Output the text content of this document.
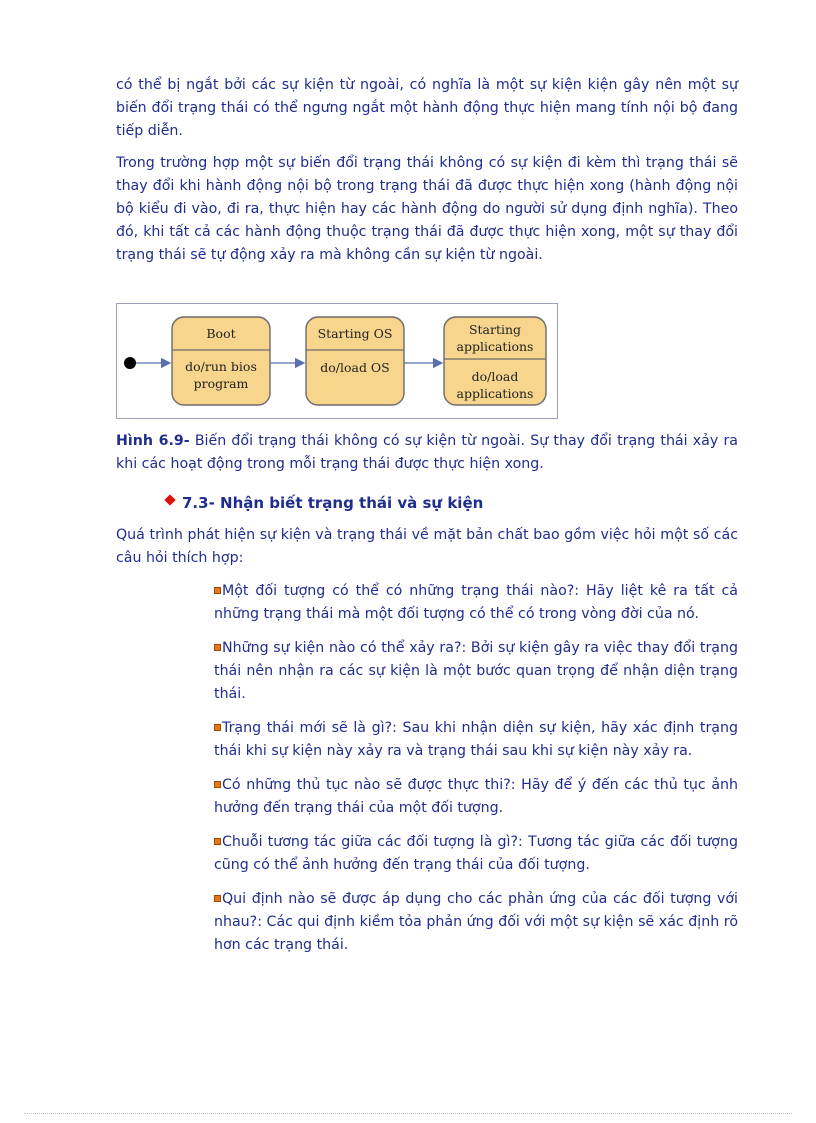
có thể bị ngắt bởi các sự kiện từ ngoài, có nghĩa là một sự kiện kiện gây nên một sự biến đổi trạng thái có thể ngưng ngắt một hành động thực hiện mang tính nội bộ đang tiếp diễn.

Trong trường hợp một sự biến đổi trạng thái không có sự kiện đi kèm thì trạng thái sẽ thay đổi khi hành động nội bộ trong trạng thái đã được thực hiện xong (hành động nội bộ kiểu đi vào, đi ra, thực hiện hay các hành động do người sử dụng định nghĩa). Theo đó, khi tất cả các hành động thuộc trạng thái đã được thực hiện xong, một sự thay đổi trạng thái sẽ tự động xảy ra mà không cần sự kiện từ ngoài.

Boot
do/run bios
program
Starting OS
do/load OS
Starting
applications
do/load
applications

Hình 6.9- Biến đổi trạng thái không có sự kiện từ ngoài. Sự thay đổi trạng thái xảy ra khi các hoạt động trong mỗi trạng thái được thực hiện xong.

7.3- Nhận biết trạng thái và sự kiện

Quá trình phát hiện sự kiện và trạng thái về mặt bản chất bao gồm việc hỏi một số các câu hỏi thích hợp:

Một đối tượng có thể có những trạng thái nào?: Hãy liệt kê ra tất cả những trạng thái mà một đối tượng có thể có trong vòng đời của nó.
Những sự kiện nào có thể xảy ra?: Bởi sự kiện gây ra việc thay đổi trạng thái nên nhận ra các sự kiện là một bước quan trọng để nhận diện trạng thái.
Trạng thái mới sẽ là gì?: Sau khi nhận diện sự kiện, hãy xác định trạng thái khi sự kiện này xảy ra và trạng thái sau khi sự kiện này xảy ra.
Có những thủ tục nào sẽ được thực thi?: Hãy để ý đến các thủ tục ảnh hưởng đến trạng thái của một đối tượng.
Chuỗi tương tác giữa các đối tượng là gì?: Tương tác giữa các đối tượng cũng có thể ảnh hưởng đến trạng thái của đối tượng.
Qui định nào sẽ được áp dụng cho các phản ứng của các đối tượng với nhau?: Các qui định kiềm tỏa phản ứng đối với một sự kiện sẽ xác định rõ hơn các trạng thái.
